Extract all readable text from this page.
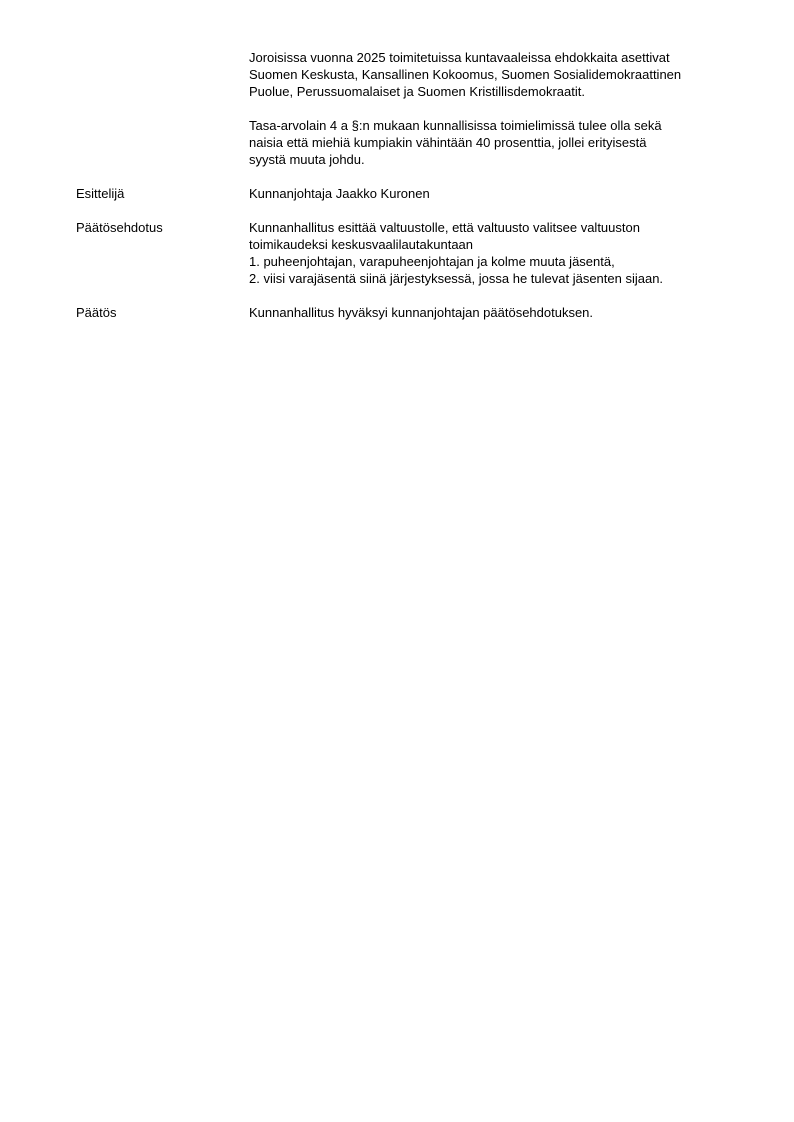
Joroisissa vuonna 2025 toimitetuissa kuntavaaleissa ehdokkaita asettivat
Suomen Keskusta, Kansallinen Kokoomus, Suomen Sosialidemokraattinen
Puolue, Perussuomalaiset ja Suomen Kristillisdemokraatit.
Tasa-arvolain 4 a §:n mukaan kunnallisissa toimielimissä tulee olla sekä
naisia että miehiä kumpiakin vähintään 40 prosenttia, jollei erityisestä
syystä muuta johdu.
Esittelijä	Kunnanjohtaja Jaakko Kuronen
Päätösehdotus	Kunnanhallitus esittää valtuustolle, että valtuusto valitsee valtuuston
toimikaudeksi keskusvaalilautakuntaan
1. puheenjohtajan, varapuheenjohtajan ja kolme muuta jäsentä,
2. viisi varajäsentä siinä järjestyksessä, jossa he tulevat jäsenten sijaan.
Päätös	Kunnanhallitus hyväksyi kunnanjohtajan päätösehdotuksen.
